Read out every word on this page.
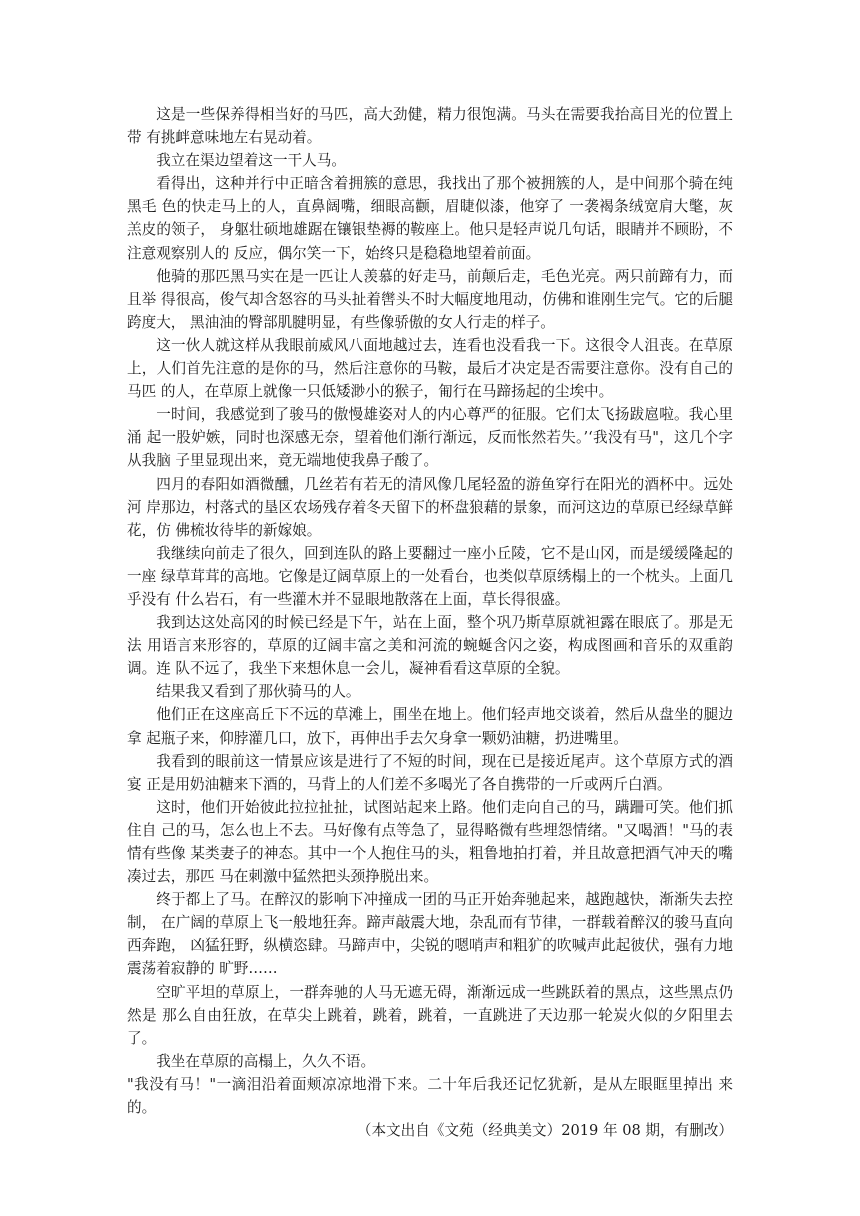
这是一些保养得相当好的马匹，高大劲健，精力很饱满。马头在需要我抬高目光的位置上带 有挑衅意味地左右晃动着。

我立在渠边望着这一干人马。

看得出，这种并行中正暗含着拥簇的意思，我找出了那个被拥簇的人，是中间那个骑在纯黑毛 色的快走马上的人，直鼻阔嘴，细眼高颧，眉睫似漆，他穿了 一袭褐条绒宽肩大氅，灰羔皮的领子， 身躯壮硕地雄踞在镶银垫褥的鞍座上。他只是轻声说几句话，眼睛并不顾盼，不注意观察别人的 反应，偶尔笑一下，始终只是稳稳地望着前面。

他骑的那匹黑马实在是一匹让人羡慕的好走马，前颠后走，毛色光亮。两只前蹄有力，而且举 得很高，俊气却含怒容的马头扯着辔头不时大幅度地甩动，仿佛和谁刚生完气。它的后腿跨度大， 黑油油的臀部肌腱明显，有些像骄傲的女人行走的样子。

这一伙人就这样从我眼前威风八面地越过去，连看也没看我一下。这很令人沮丧。在草原 上，人们首先注意的是你的马，然后注意你的马鞍，最后才决定是否需要注意你。没有自己的马匹 的人，在草原上就像一只低矮渺小的猴子，匍行在马蹄扬起的尘埃中。

一时间，我感觉到了骏马的傲慢雄姿对人的内心尊严的征服。它们太飞扬跋扈啦。我心里涌 起一股妒嫉，同时也深感无奈，望着他们渐行渐远，反而怅然若失。’‘我没有马"，这几个字从我脑 子里显现出来，竟无端地使我鼻子酸了。

四月的春阳如酒微醺，几丝若有若无的清风像几尾轻盈的游鱼穿行在阳光的酒杯中。远处河 岸那边，村落式的垦区农场残存着冬天留下的杯盘狼藉的景象，而河这边的草原已经绿草鲜花，仿 佛梳妆待毕的新嫁娘。

我继续向前走了很久，回到连队的路上要翻过一座小丘陵，它不是山冈，而是缓缓隆起的一座 绿草茸茸的高地。它像是辽阔草原上的一处看台，也类似草原绣榻上的一个枕头。上面几乎没有 什么岩石，有一些灌木并不显眼地散落在上面，草长得很盛。

我到达这处高冈的时候已经是下午，站在上面，整个巩乃斯草原就袒露在眼底了。那是无法 用语言来形容的，草原的辽阔丰富之美和河流的蜿蜒含闪之姿，构成图画和音乐的双重韵调。连 队不远了，我坐下来想休息一会儿，凝神看看这草原的全貌。

结果我又看到了那伙骑马的人。

他们正在这座高丘下不远的草滩上，围坐在地上。他们轻声地交谈着，然后从盘坐的腿边拿 起瓶子来，仰脖灌几口，放下，再伸出手去欠身拿一颗奶油糖，扔进嘴里。

我看到的眼前这一情景应该是进行了不短的时间，现在已是接近尾声。这个草原方式的酒宴 正是用奶油糖来下酒的，马背上的人们差不多喝光了各自携带的一斤或两斤白酒。

这时，他们开始彼此拉拉扯扯，试图站起来上路。他们走向自己的马，蹒跚可笑。他们抓住自 己的马，怎么也上不去。马好像有点等急了，显得略微有些埋怨情绪。"又喝酒！"马的表情有些像 某类妻子的神态。其中一个人抱住马的头，粗鲁地拍打着，并且故意把酒气冲天的嘴凑过去，那匹 马在刺激中猛然把头颈挣脱出来。

终于都上了马。在醉汉的影响下冲撞成一团的马正开始奔驰起来，越跑越快，渐渐失去控制， 在广阔的草原上飞一般地狂奔。蹄声敲震大地，杂乱而有节律，一群载着醉汉的骏马直向西奔跑， 凶猛狂野，纵横恣肆。马蹄声中，尖锐的嗯哨声和粗犷的吹喊声此起彼伏，强有力地震荡着寂静的 旷野……

空旷平坦的草原上，一群奔驰的人马无遮无碍，渐渐远成一些跳跃着的黑点，这些黑点仍然是 那么自由狂放，在草尖上跳着，跳着，跳着，一直跳进了天边那一轮炭火似的夕阳里去了。

我坐在草原的高榻上，久久不语。

"我没有马！"一滴泪沿着面颊凉凉地滑下来。二十年后我还记忆犹新，是从左眼眶里掉出 来的。

（本文出自《文苑（经典美文）2019 年 08 期，有删改）
